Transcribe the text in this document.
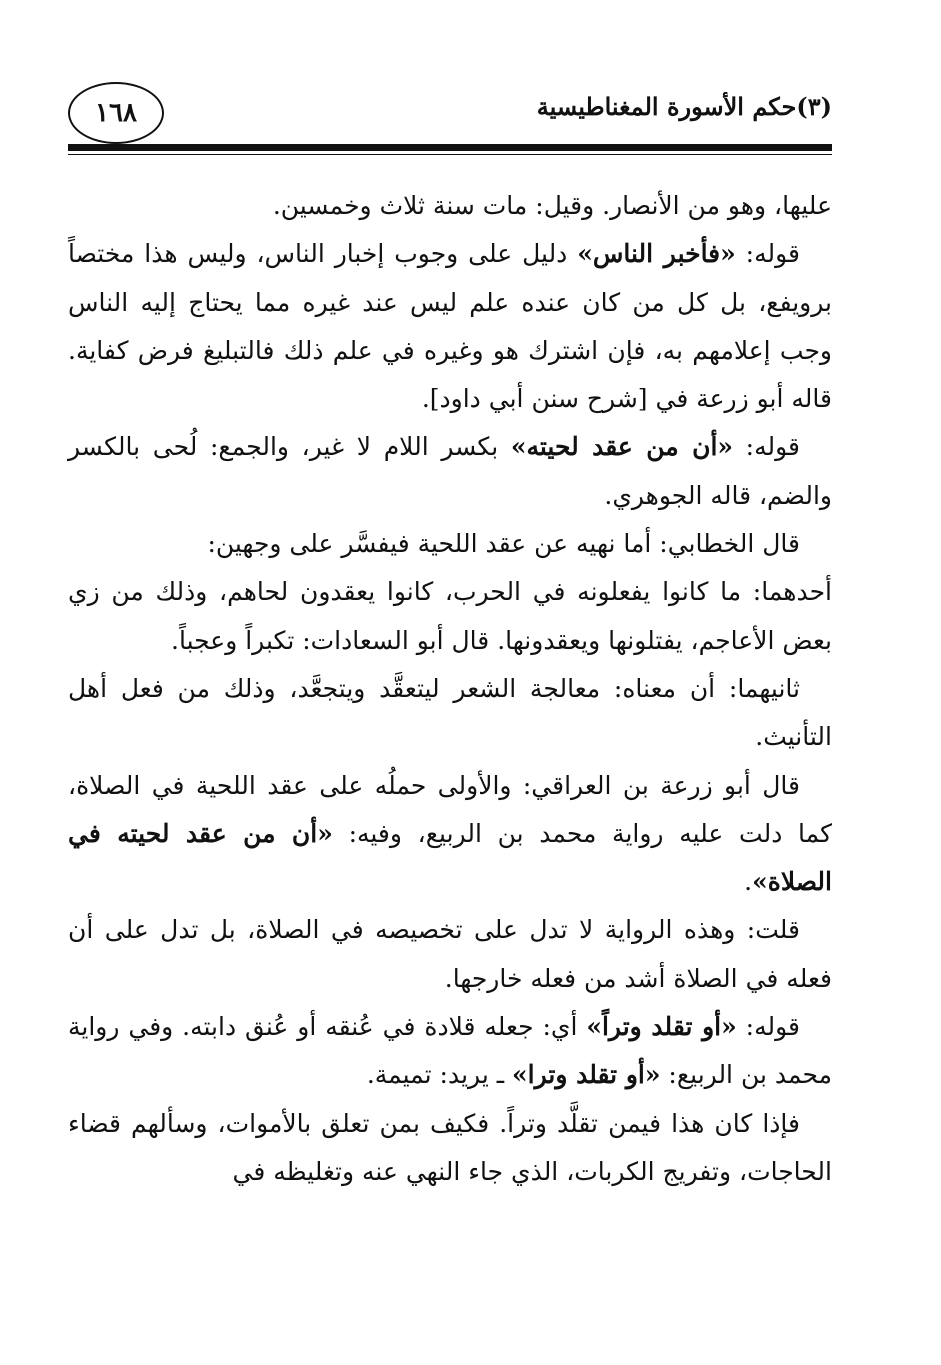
١٦٨	(٣)حكم الأسورة المغناطيسية

عليها، وهو من الأنصار. وقيل: مات سنة ثلاث وخمسين.

قوله: «فأخبر الناس» دليل على وجوب إخبار الناس، وليس هذا مختصاً برويفع، بل كل من كان عنده علم ليس عند غيره مما يحتاج إليه الناس وجب إعلامهم به، فإن اشترك هو وغيره في علم ذلك فالتبليغ فرض كفاية. قاله أبو زرعة في [شرح سنن أبي داود].

قوله: «أن من عقد لحيته» بكسر اللام لا غير، والجمع: لُحى بالكسر والضم، قاله الجوهري.

قال الخطابي: أما نهيه عن عقد اللحية فيفسَّر على وجهين:

أحدهما: ما كانوا يفعلونه في الحرب، كانوا يعقدون لحاهم، وذلك من زي بعض الأعاجم، يفتلونها ويعقدونها. قال أبو السعادات: تكبراً وعجباً.

ثانيهما: أن معناه: معالجة الشعر ليتعقَّد ويتجعَّد، وذلك من فعل أهل التأنيث.

قال أبو زرعة بن العراقي: والأولى حملُه على عقد اللحية في الصلاة، كما دلت عليه رواية محمد بن الربيع، وفيه: «أن من عقد لحيته في الصلاة».

قلت: وهذه الرواية لا تدل على تخصيصه في الصلاة، بل تدل على أن فعله في الصلاة أشد من فعله خارجها.

قوله: «أو تقلد وتراً» أي: جعله قلادة في عُنقه أو عُنق دابته. وفي رواية محمد بن الربيع: «أو تقلد وترا» ـ يريد: تميمة.

فإذا كان هذا فيمن تقلَّد وتراً. فكيف بمن تعلق بالأموات، وسألهم قضاء الحاجات، وتفريج الكربات، الذي جاء النهي عنه وتغليظه في
